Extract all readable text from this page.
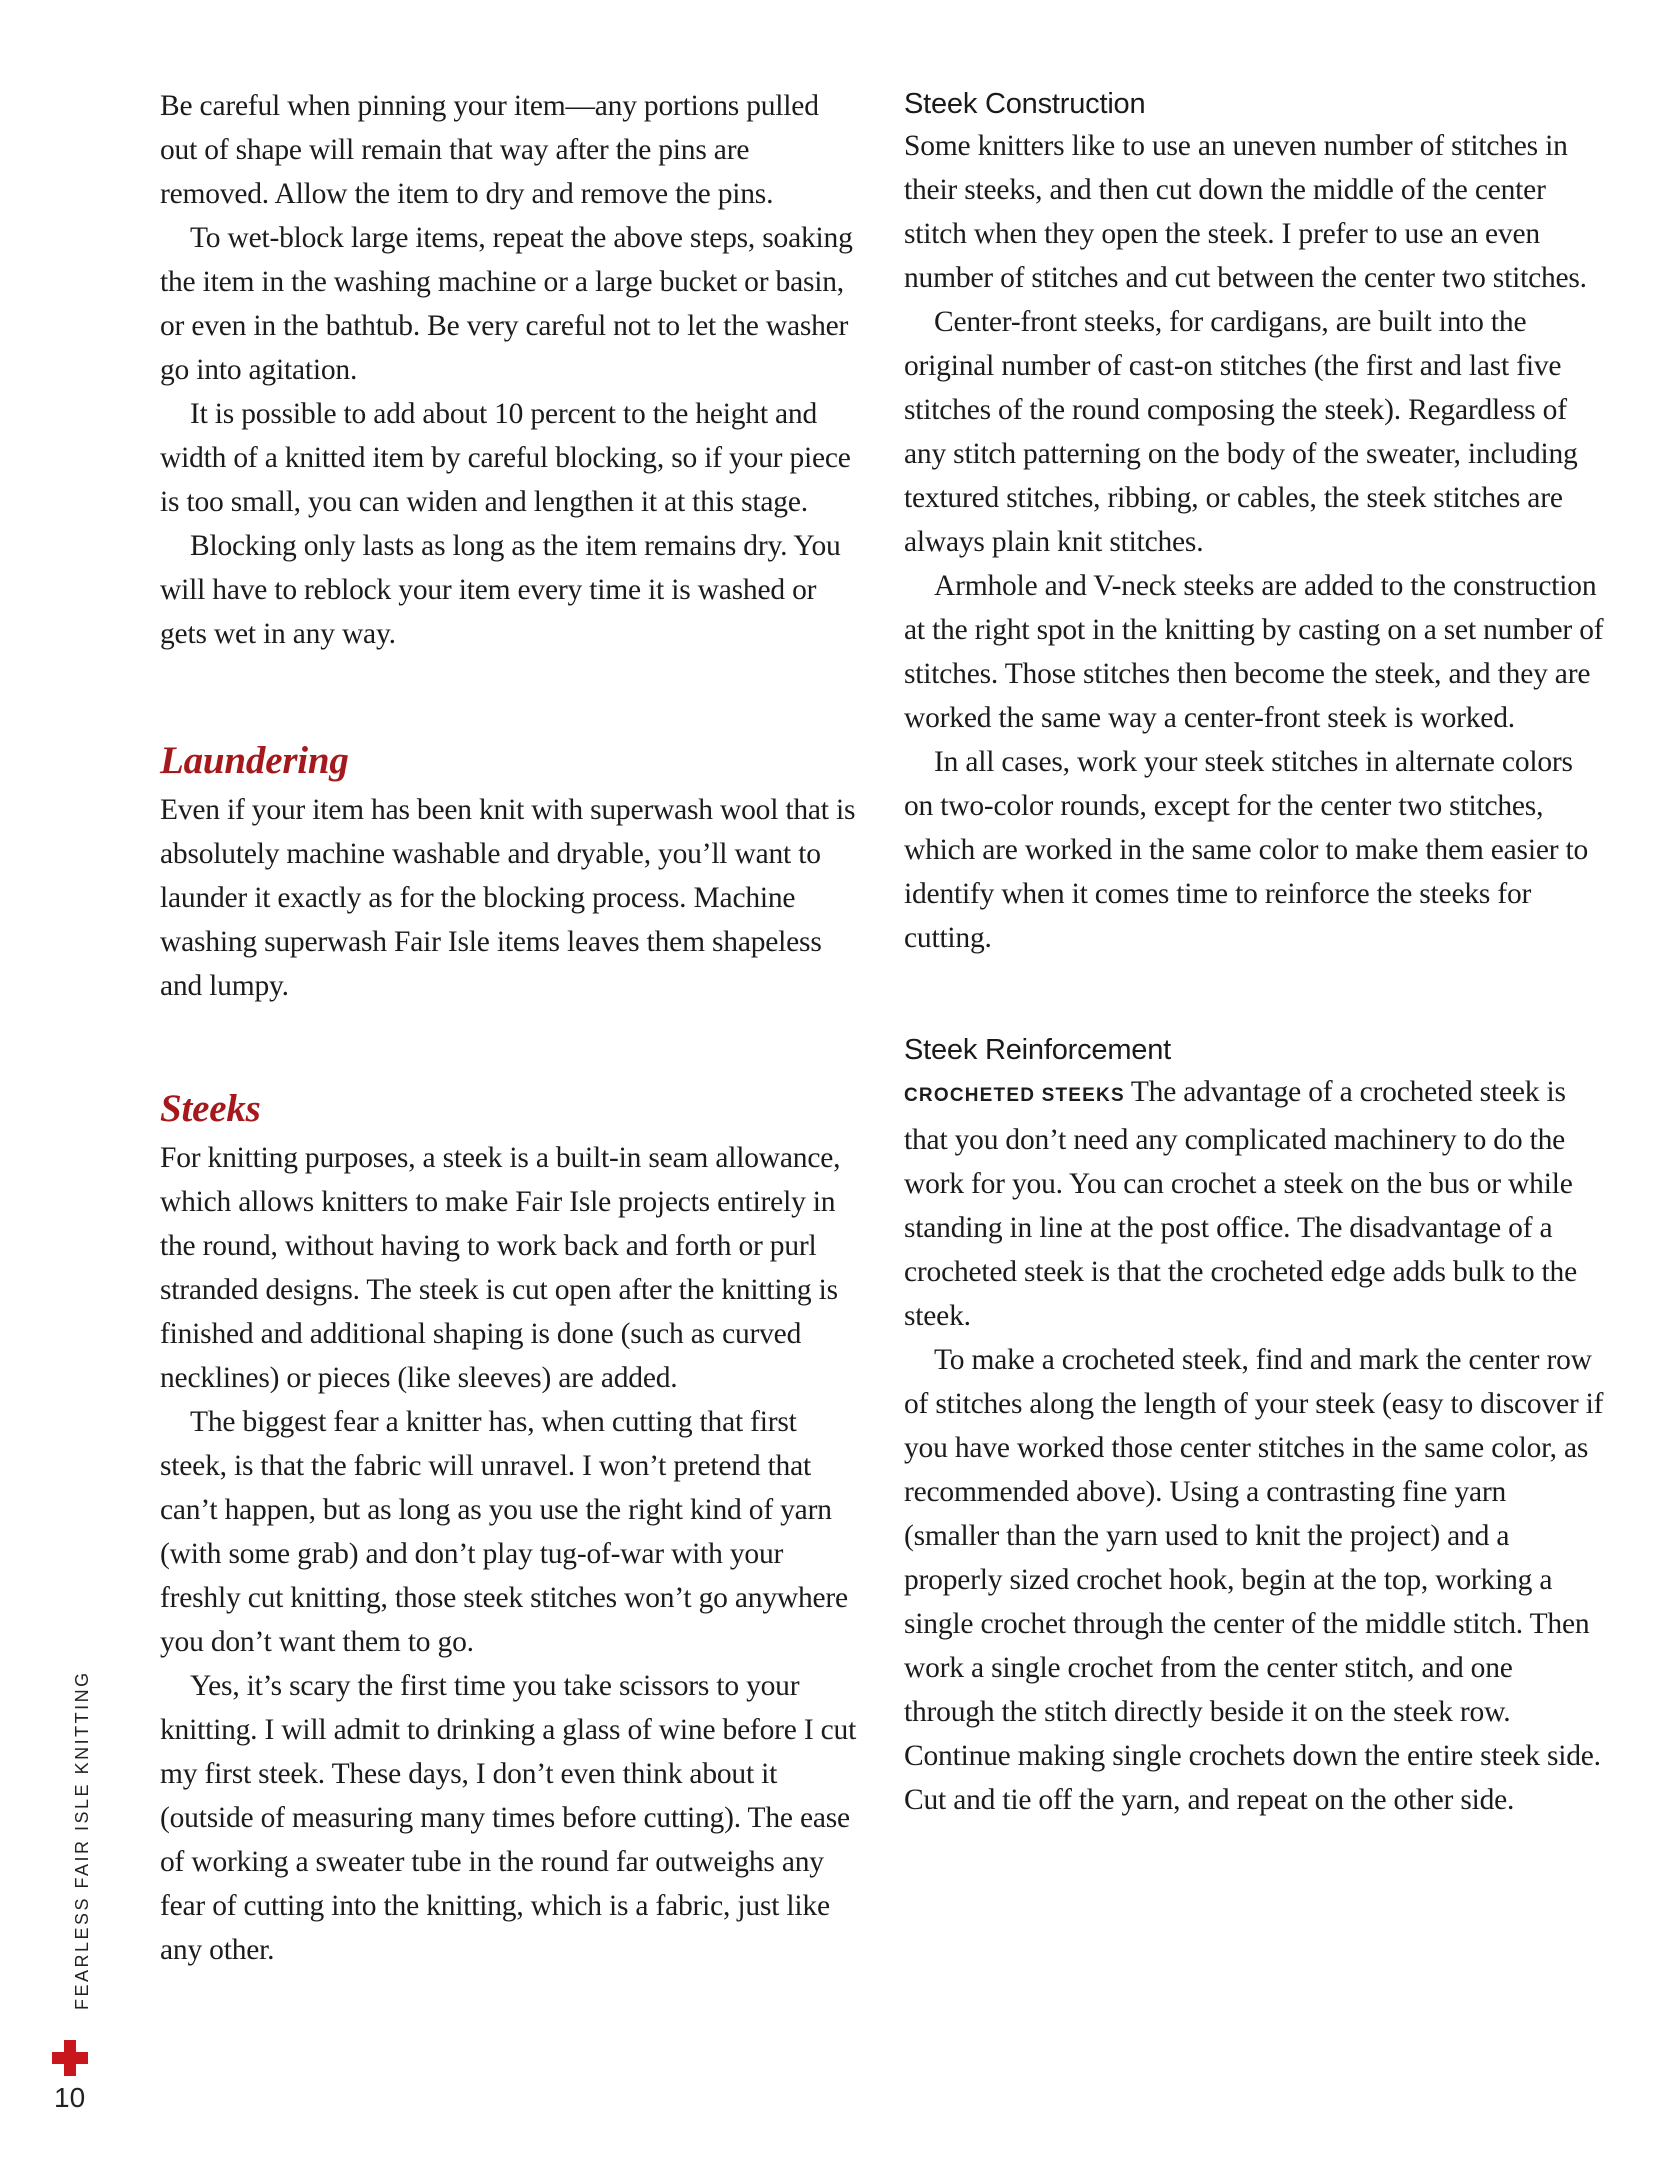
Be careful when pinning your item—any portions pulled out of shape will remain that way after the pins are removed. Allow the item to dry and remove the pins.

To wet-block large items, repeat the above steps, soaking the item in the washing machine or a large bucket or basin, or even in the bathtub. Be very careful not to let the washer go into agitation.

It is possible to add about 10 percent to the height and width of a knitted item by careful blocking, so if your piece is too small, you can widen and lengthen it at this stage.

Blocking only lasts as long as the item remains dry. You will have to reblock your item every time it is washed or gets wet in any way.

Laundering

Even if your item has been knit with superwash wool that is absolutely machine washable and dryable, you’ll want to launder it exactly as for the blocking process. Machine washing superwash Fair Isle items leaves them shapeless and lumpy.

Steeks

For knitting purposes, a steek is a built-in seam allowance, which allows knitters to make Fair Isle projects entirely in the round, without having to work back and forth or purl stranded designs. The steek is cut open after the knitting is finished and additional shaping is done (such as curved necklines) or pieces (like sleeves) are added.

The biggest fear a knitter has, when cutting that first steek, is that the fabric will unravel. I won’t pretend that can’t happen, but as long as you use the right kind of yarn (with some grab) and don’t play tug-of-war with your freshly cut knitting, those steek stitches won’t go anywhere you don’t want them to go.

Yes, it’s scary the first time you take scissors to your knitting. I will admit to drinking a glass of wine before I cut my first steek. These days, I don’t even think about it (outside of measuring many times before cutting). The ease of working a sweater tube in the round far outweighs any fear of cutting into the knitting, which is a fabric, just like any other.

Steek Construction

Some knitters like to use an uneven number of stitches in their steeks, and then cut down the middle of the center stitch when they open the steek. I prefer to use an even number of stitches and cut between the center two stitches.

Center-front steeks, for cardigans, are built into the original number of cast-on stitches (the first and last five stitches of the round composing the steek). Regardless of any stitch patterning on the body of the sweater, including textured stitches, ribbing, or cables, the steek stitches are always plain knit stitches.

Armhole and V-neck steeks are added to the construction at the right spot in the knitting by casting on a set number of stitches. Those stitches then become the steek, and they are worked the same way a center-front steek is worked.

In all cases, work your steek stitches in alternate colors on two-color rounds, except for the center two stitches, which are worked in the same color to make them easier to identify when it comes time to reinforce the steeks for cutting.

Steek Reinforcement

CROCHETED STEEKS The advantage of a crocheted steek is that you don’t need any complicated machinery to do the work for you. You can crochet a steek on the bus or while standing in line at the post office. The disadvantage of a crocheted steek is that the crocheted edge adds bulk to the steek.

To make a crocheted steek, find and mark the center row of stitches along the length of your steek (easy to discover if you have worked those center stitches in the same color, as recommended above). Using a contrasting fine yarn (smaller than the yarn used to knit the project) and a properly sized crochet hook, begin at the top, working a single crochet through the center of the middle stitch. Then work a single crochet from the center stitch, and one through the stitch directly beside it on the steek row. Continue making single crochets down the entire steek side. Cut and tie off the yarn, and repeat on the other side.

FEARLESS FAIR ISLE KNITTING
10
